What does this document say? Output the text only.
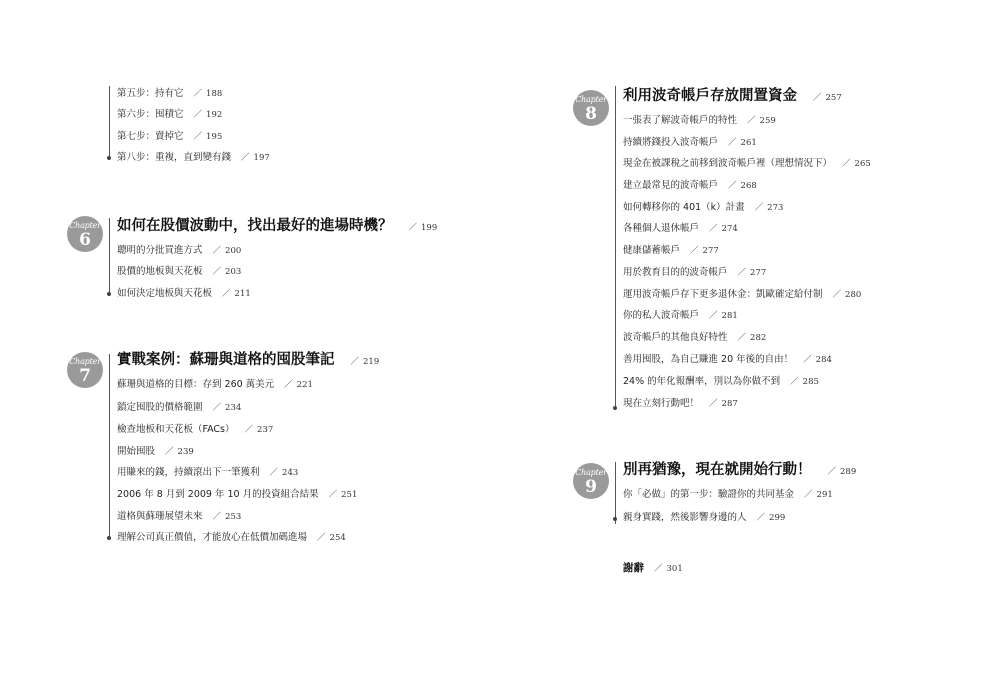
第五步：持有它 ／ 188
第六步：囤積它 ／ 192
第七步：賣掉它 ／ 195
第八步：重複，直到變有錢 ／ 197
Chapter
6
如何在股價波動中，找出最好的進場時機？ ／ 199
聰明的分批買進方式 ／ 200
股價的地板與天花板 ／ 203
如何決定地板與天花板 ／ 211
Chapter
7
實戰案例：蘇珊與道格的囤股筆記 ／ 219
蘇珊與道格的目標：存到 260 萬美元 ／ 221
鎖定囤股的價格範圍 ／ 234
檢查地板和天花板（FACs） ／ 237
開始囤股 ／ 239
用賺來的錢，持續滾出下一筆獲利 ／ 243
2006 年 8 月到 2009 年 10 月的投資組合結果 ／ 251
道格與蘇珊展望未來 ／ 253
理解公司真正價值，才能放心在低價加碼進場 ／ 254
Chapter
8
利用波奇帳戶存放閒置資金 ／ 257
一張表了解波奇帳戶的特性 ／ 259
持續將錢投入波奇帳戶 ／ 261
現金在被課稅之前移到波奇帳戶裡（理想情況下） ／ 265
建立最常見的波奇帳戶 ／ 268
如何轉移你的 401（k）計畫 ／ 273
各種個人退休帳戶 ／ 274
健康儲蓄帳戶 ／ 277
用於教育目的的波奇帳戶 ／ 277
運用波奇帳戶存下更多退休金：凱歐確定給付制 ／ 280
你的私人波奇帳戶 ／ 281
波奇帳戶的其他良好特性 ／ 282
善用囤股，為自己賺進 20 年後的自由！ ／ 284
24% 的年化報酬率，別以為你做不到 ／ 285
現在立刻行動吧！ ／ 287
Chapter
9
別再猶豫，現在就開始行動！ ／ 289
你「必做」的第一步：驗證你的共同基金 ／ 291
親身實踐，然後影響身邊的人 ／ 299
謝辭 ／ 301
